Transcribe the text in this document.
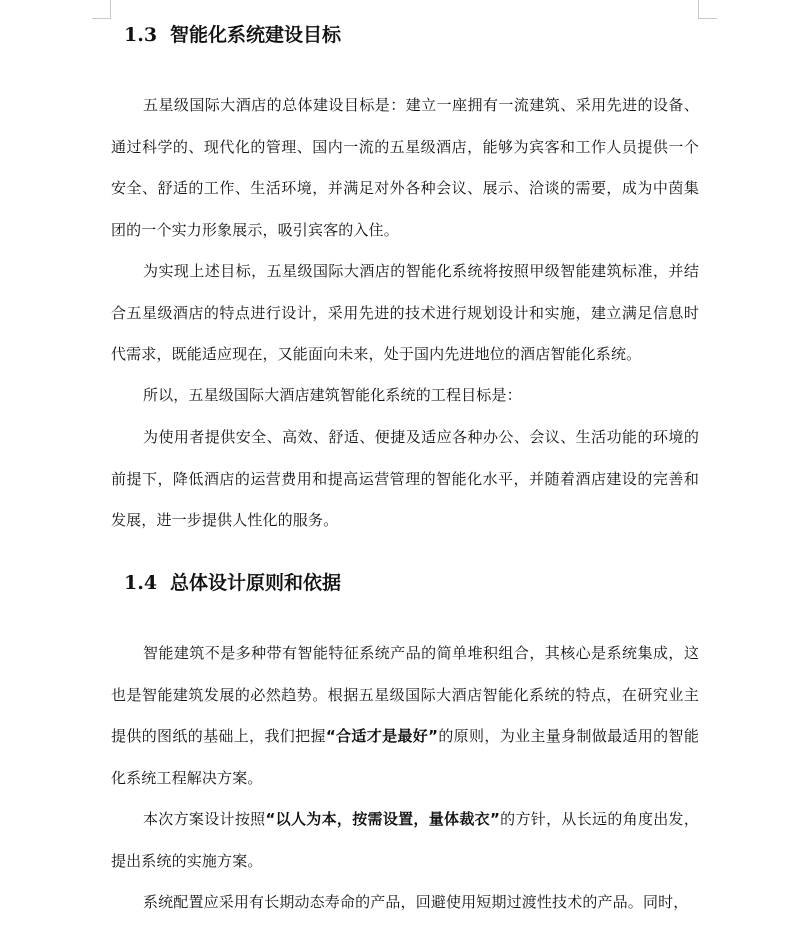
1.3 智能化系统建设目标

五星级国际大酒店的总体建设目标是：建立一座拥有一流建筑、采用先进的设备、通过科学的、现代化的管理、国内一流的五星级酒店，能够为宾客和工作人员提供一个安全、舒适的工作、生活环境，并满足对外各种会议、展示、洽谈的需要，成为中茵集团的一个实力形象展示，吸引宾客的入住。

为实现上述目标，五星级国际大酒店的智能化系统将按照甲级智能建筑标准，并结合五星级酒店的特点进行设计，采用先进的技术进行规划设计和实施，建立满足信息时代需求，既能适应现在，又能面向未来，处于国内先进地位的酒店智能化系统。

所以，五星级国际大酒店建筑智能化系统的工程目标是：

为使用者提供安全、高效、舒适、便捷及适应各种办公、会议、生活功能的环境的前提下，降低酒店的运营费用和提高运营管理的智能化水平，并随着酒店建设的完善和发展，进一步提供人性化的服务。

1.4 总体设计原则和依据

智能建筑不是多种带有智能特征系统产品的简单堆积组合，其核心是系统集成，这也是智能建筑发展的必然趋势。根据五星级国际大酒店智能化系统的特点，在研究业主提供的图纸的基础上，我们把握“合适才是最好”的原则，为业主量身制做最适用的智能化系统工程解决方案。

本次方案设计按照“以人为本，按需设置，量体裁衣”的方针，从长远的角度出发，提出系统的实施方案。

系统配置应采用有长期动态寿命的产品，回避使用短期过渡性技术的产品。同时，
